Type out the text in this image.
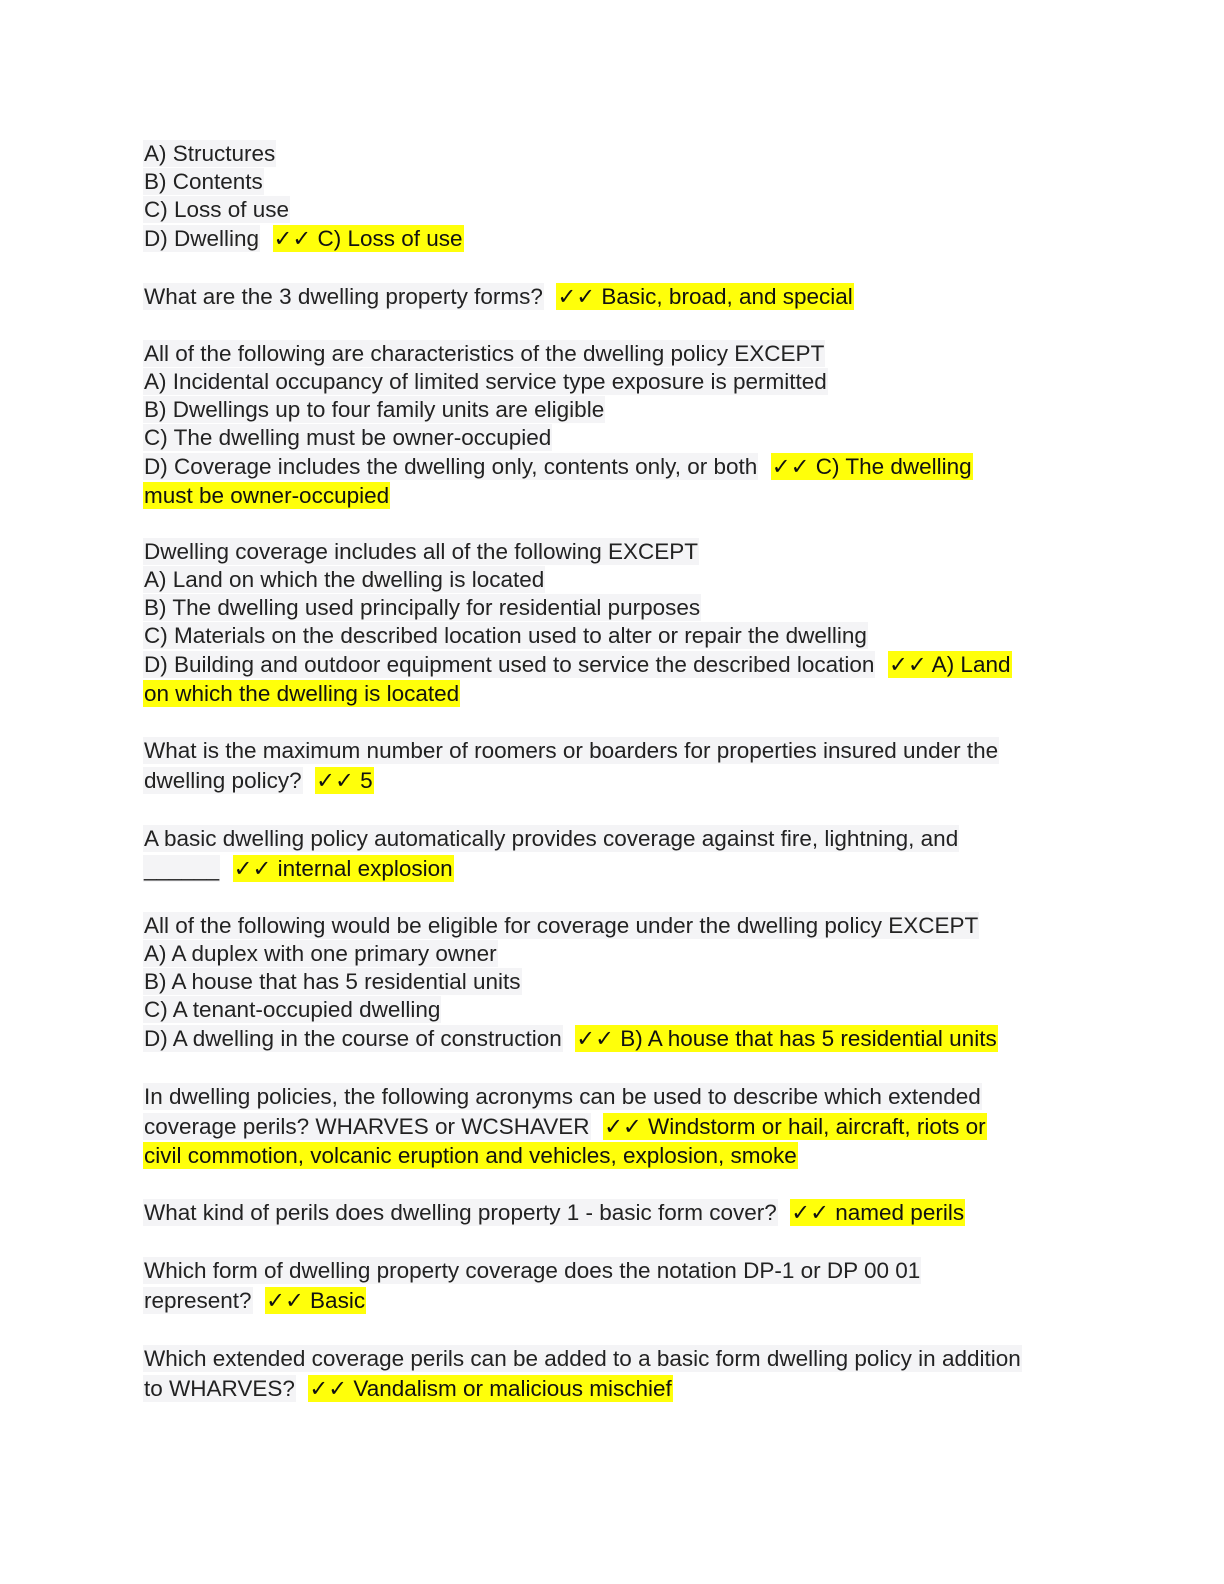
A) Structures
B) Contents
C) Loss of use
D) Dwelling ✓✓ C) Loss of use
What are the 3 dwelling property forms? ✓✓ Basic, broad, and special
All of the following are characteristics of the dwelling policy EXCEPT
A) Incidental occupancy of limited service type exposure is permitted
B) Dwellings up to four family units are eligible
C) The dwelling must be owner-occupied
D) Coverage includes the dwelling only, contents only, or both ✓✓ C) The dwelling
must be owner-occupied
Dwelling coverage includes all of the following EXCEPT
A) Land on which the dwelling is located
B) The dwelling used principally for residential purposes
C) Materials on the described location used to alter or repair the dwelling
D) Building and outdoor equipment used to service the described location ✓✓ A) Land
on which the dwelling is located
What is the maximum number of roomers or boarders for properties insured under the
dwelling policy? ✓✓ 5
A basic dwelling policy automatically provides coverage against fire, lightning, and
______ ✓✓ internal explosion
All of the following would be eligible for coverage under the dwelling policy EXCEPT
A) A duplex with one primary owner
B) A house that has 5 residential units
C) A tenant-occupied dwelling
D) A dwelling in the course of construction ✓✓ B) A house that has 5 residential units
In dwelling policies, the following acronyms can be used to describe which extended
coverage perils? WHARVES or WCSHAVER ✓✓ Windstorm or hail, aircraft, riots or
civil commotion, volcanic eruption and vehicles, explosion, smoke
What kind of perils does dwelling property 1 - basic form cover? ✓✓ named perils
Which form of dwelling property coverage does the notation DP-1 or DP 00 01
represent? ✓✓ Basic
Which extended coverage perils can be added to a basic form dwelling policy in addition
to WHARVES? ✓✓ Vandalism or malicious mischief
